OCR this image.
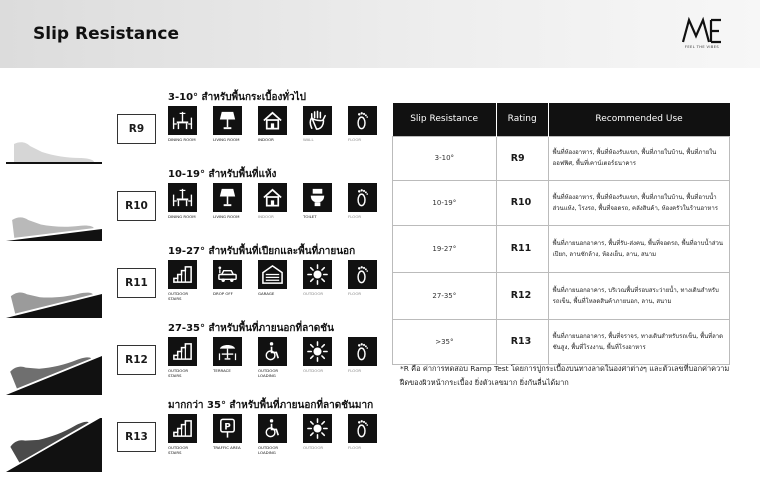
Slip Resistance
FEEL THE VIBES
R9
3-10° สำหรับพื้นกระเบื้องทั่วไป
DINING ROOM	LIVING ROOM	INDOOR	WALL	FLOOR
R10
10-19° สำหรับพื้นที่แห้ง
DINING ROOM	LIVING ROOM	INDOOR	TOILET	FLOOR
R11
19-27° สำหรับพื้นที่เปียกและพื้นที่ภายนอก
OUTDOOR
STAIRS
DROP OFF	GARAGE	OUTDOOR	FLOOR
R12
27-35° สำหรับพื้นที่ภายนอกที่ลาดชัน
OUTDOOR
STAIRS
TERRACE	OUTDOOR
LOADING
OUTDOOR	FLOOR
R13
มากกว่า 35° สำหรับพื้นที่ภายนอกที่ลาดชันมาก
OUTDOOR
STAIRS
P
TRAFFIC AREA	OUTDOOR
LOADING
OUTDOOR	FLOOR
Slip Resistance	Rating	Recommended Use
3-10°	R9	พื้นที่ห้องอาหาร, พื้นที่ห้องรับแขก, พื้นที่ภายในบ้าน, พื้นที่ภายในออฟฟิศ, พื้นที่เคาน์เตอร์ธนาคาร
10-19°	R10	พื้นที่ห้องอาหาร, พื้นที่ห้องรับแขก, พื้นที่ภายในบ้าน, พื้นที่อาบน้ำส่วนแห้ง, โรงรถ, พื้นที่จอดรถ, คลังสินค้า, ห้องครัวในร้านอาหาร
19-27°	R11	พื้นที่ภายนอกอาคาร, พื้นที่รับ-ส่งคน, พื้นที่จอดรถ, พื้นที่อาบน้ำส่วนเปียก, ลานซักล้าง, ห้องเย็น, ลาน, สนาม
27-35°	R12	พื้นที่ภายนอกอาคาร, บริเวณพื้นที่รอบสระว่ายน้ำ, ทางเดินสำหรับรถเข็น, พื้นที่โหลดสินค้าภายนอก, ลาน, สนาม
>35°	R13	พื้นที่ภายนอกอาคาร, พื้นที่จราจร, ทางเดินสำหรับรถเข็น, พื้นที่ลาดชันสูง, พื้นที่โรงงาน, พื้นที่โรงอาหาร
*R คือ ค่าการทดสอบ Ramp Test โดยการปูกระเบื้องบนทางลาดในองศาต่างๆ และตัวเลขที่บอกค่าความฝืดของผิวหน้ากระเบื้อง ยิ่งตัวเลขมาก ยิ่งกันลื่นได้มาก
